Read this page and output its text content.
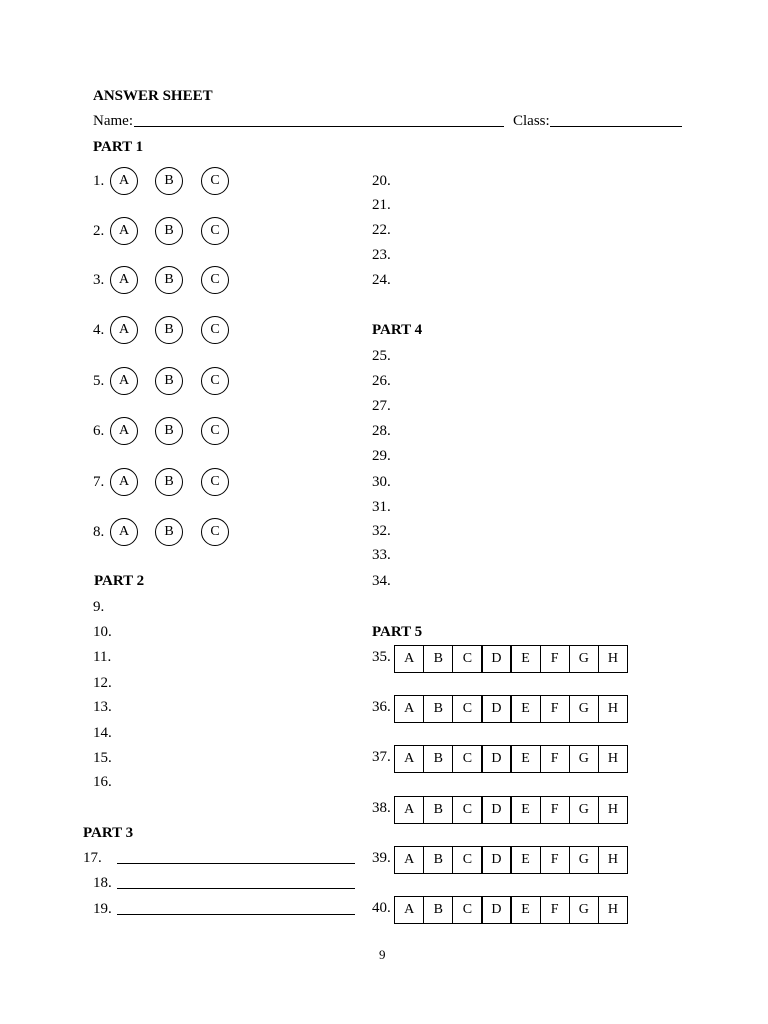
ANSWER SHEET
Name:	Class:
PART 1
1.	A	B	C
2.	A	B	C
3.	A	B	C
4.	A	B	C
5.	A	B	C
6.	A	B	C
7.	A	B	C
8.	A	B	C
PART 2
9.
10.
11.
12.
13.
14.
15.
16.
PART 3
17.
18.
19.
20.
21.
22.
23.
24.
PART 4
25.
26.
27.
28.
29.
30.
31.
32.
33.
34.
PART 5
35. A	B	C	D	E	F	G	H
36. A	B	C	D	E	F	G	H
37. A	B	C	D	E	F	G	H
38. A	B	C	D	E	F	G	H
39. A	B	C	D	E	F	G	H
40. A	B	C	D	E	F	G	H
9
